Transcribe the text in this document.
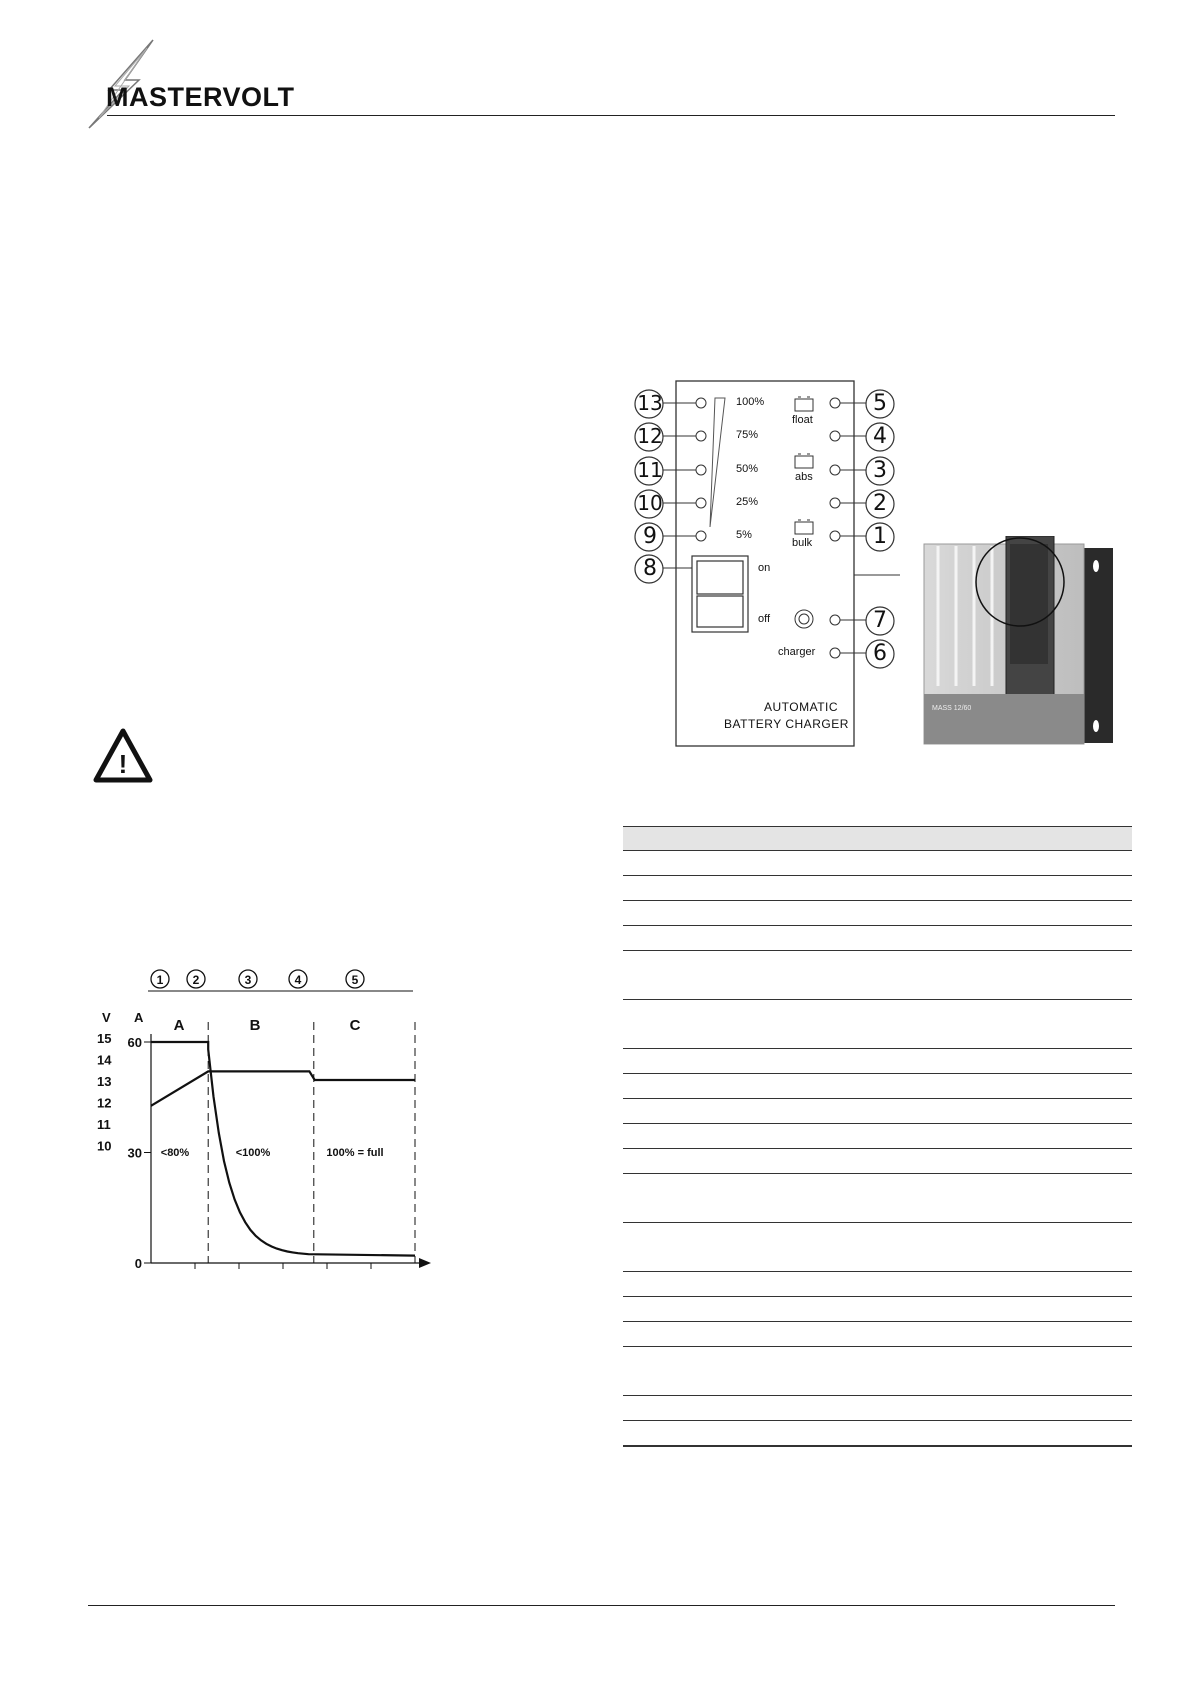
MASTERVOLT
13
12
11
10
9
8
5
4
3
2
1
7
6
100%
75%
50%
25%
5%
float
abs
bulk
on
off
charger
AUTOMATIC
BATTERY CHARGER
MASS 12/60
!
1 2	3	4	5
V A
15
14
13
12
11
10
60
30
0
A	B	C
<80%	<100%	100% = full
